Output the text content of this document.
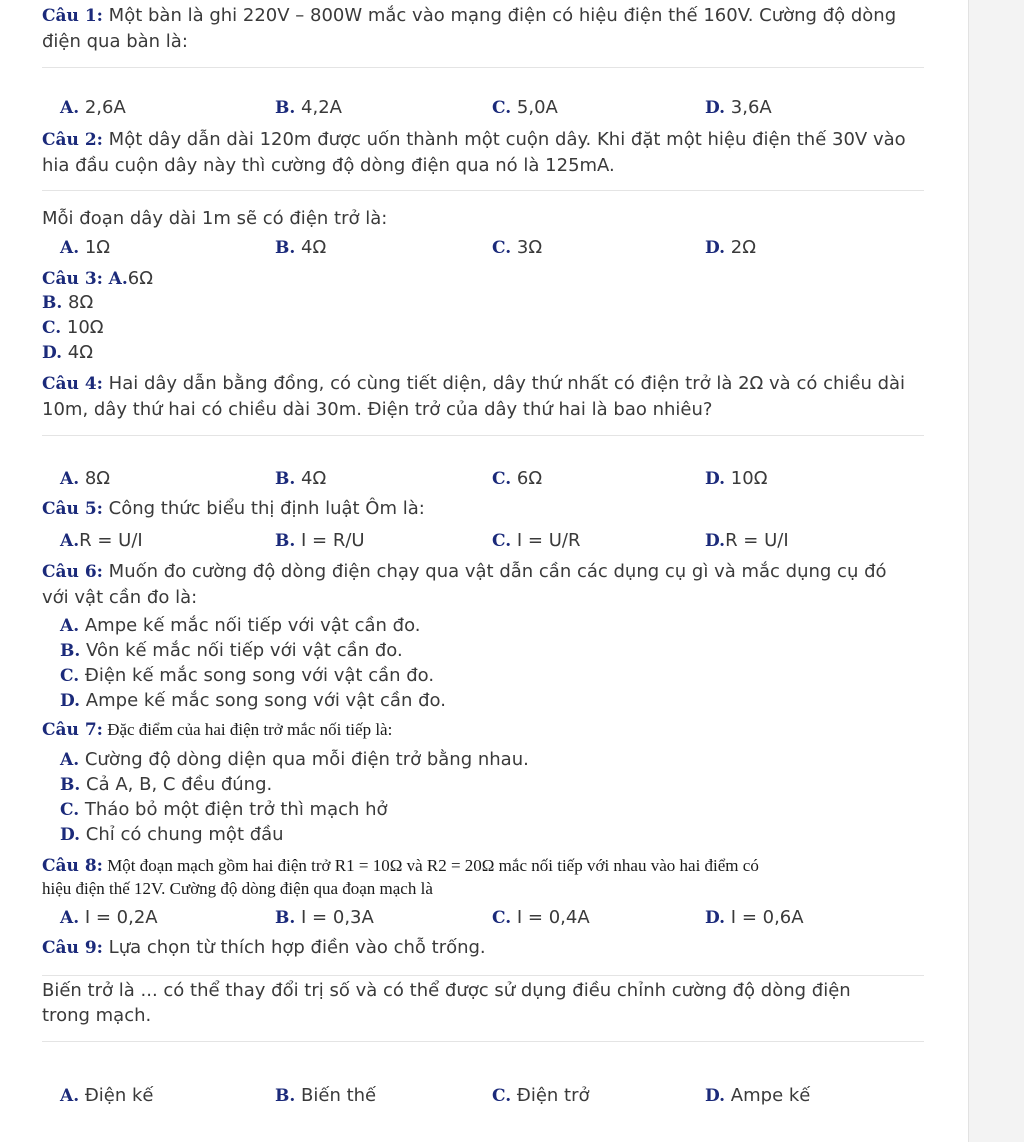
Câu 1: Một bàn là ghi 220V – 800W mắc vào mạng điện có hiệu điện thế 160V. Cường độ dòng
điện qua bàn là:
A. 2,6A	B. 4,2A	C. 5,0A	D. 3,6A
Câu 2: Một dây dẫn dài 120m được uốn thành một cuộn dây. Khi đặt một hiệu điện thế 30V vào
hia đầu cuộn dây này thì cường độ dòng điện qua nó là 125mA.
Mỗi đoạn dây dài 1m sẽ có điện trở là:
A. 1Ω	B. 4Ω	C. 3Ω	D. 2Ω
Câu 3: A.6Ω
B. 8Ω
C. 10Ω
D. 4Ω
Câu 4: Hai dây dẫn bằng đồng, có cùng tiết diện, dây thứ nhất có điện trở là 2Ω và có chiều dài
10m, dây thứ hai có chiều dài 30m. Điện trở của dây thứ hai là bao nhiêu?
A. 8Ω	B. 4Ω	C. 6Ω	D. 10Ω
Câu 5: Công thức biểu thị định luật Ôm là:
A.R = U/I	B. I = R/U	C. I = U/R	D.R = U/I
Câu 6: Muốn đo cường độ dòng điện chạy qua vật dẫn cần các dụng cụ gì và mắc dụng cụ đó
với vật cần đo là:
A. Ampe kế mắc nối tiếp với vật cần đo.
B. Vôn kế mắc nối tiếp với vật cần đo.
C. Điện kế mắc song song với vật cần đo.
D. Ampe kế mắc song song với vật cần đo.
Câu 7: Đặc điểm của hai điện trở mắc nối tiếp là:
A. Cường độ dòng diện qua mỗi điện trở bằng nhau.
B. Cả A, B, C đều đúng.
C. Tháo bỏ một điện trở thì mạch hở
D. Chỉ có chung một đầu
Câu 8: Một đoạn mạch gồm hai điện trở R1 = 10Ω và R2 = 20Ω mắc nối tiếp với nhau vào hai điểm có
hiệu điện thế 12V. Cường độ dòng điện qua đoạn mạch là
A. I = 0,2A	B. I = 0,3A	C. I = 0,4A	D. I = 0,6A
Câu 9: Lựa chọn từ thích hợp điền vào chỗ trống.
Biến trở là ... có thể thay đổi trị số và có thể được sử dụng điều chỉnh cường độ dòng điện
trong mạch.
A. Điện kế	B. Biến thế	C. Điện trở	D. Ampe kế
